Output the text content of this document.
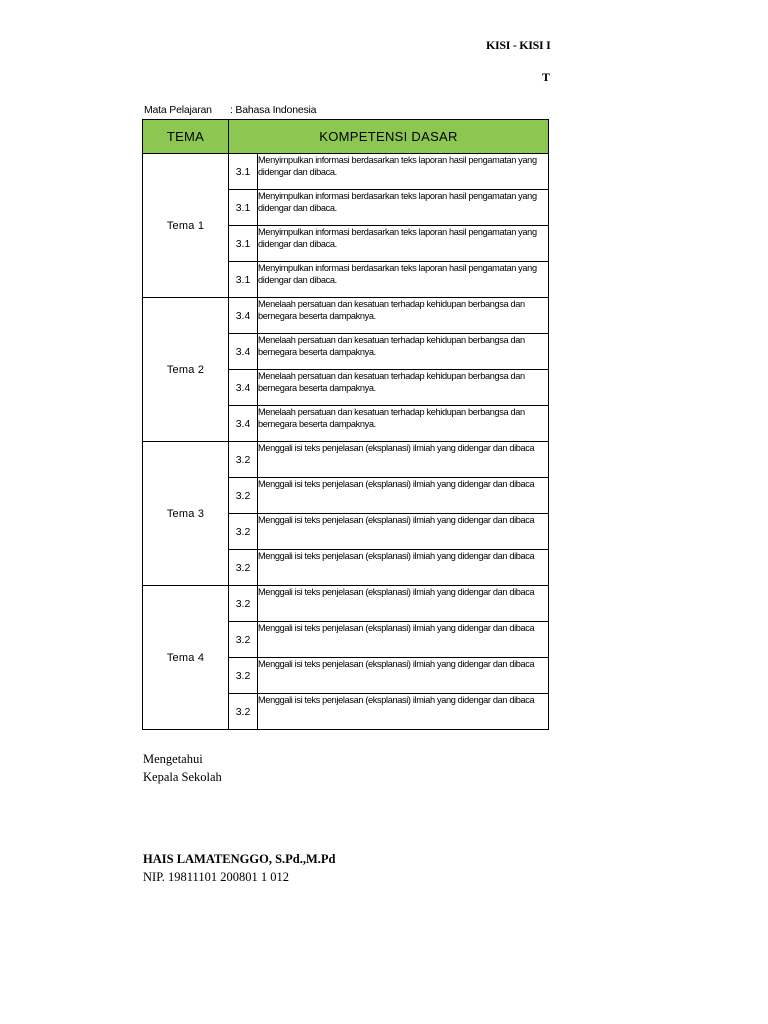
KISI - KISI I
T
Mata Pelajaran : Bahasa Indonesia
TEMA	KOMPETENSI DASAR	
Tema 1	3.1	Menyimpulkan informasi berdasarkan teks laporan hasil pengamatan yang didengar dan dibaca.
	3.1	Menyimpulkan informasi berdasarkan teks laporan hasil pengamatan yang didengar dan dibaca.
	3.1	Menyimpulkan informasi berdasarkan teks laporan hasil pengamatan yang didengar dan dibaca.
	3.1	Menyimpulkan informasi berdasarkan teks laporan hasil pengamatan yang didengar dan dibaca.
Tema 2	3.4	Menelaah persatuan dan kesatuan terhadap kehidupan berbangsa dan bernegara beserta dampaknya.
	3.4	Menelaah persatuan dan kesatuan terhadap kehidupan berbangsa dan bernegara beserta dampaknya.
	3.4	Menelaah persatuan dan kesatuan terhadap kehidupan berbangsa dan bernegara beserta dampaknya.
	3.4	Menelaah persatuan dan kesatuan terhadap kehidupan berbangsa dan bernegara beserta dampaknya.
Tema 3	3.2	Menggali isi teks penjelasan (eksplanasi) ilmiah yang didengar dan dibaca
	3.2	Menggali isi teks penjelasan (eksplanasi) ilmiah yang didengar dan dibaca
	3.2	Menggali isi teks penjelasan (eksplanasi) ilmiah yang didengar dan dibaca
	3.2	Menggali isi teks penjelasan (eksplanasi) ilmiah yang didengar dan dibaca
Tema 4	3.2	Menggali isi teks penjelasan (eksplanasi) ilmiah yang didengar dan dibaca
	3.2	Menggali isi teks penjelasan (eksplanasi) ilmiah yang didengar dan dibaca
	3.2	Menggali isi teks penjelasan (eksplanasi) ilmiah yang didengar dan dibaca
	3.2	Menggali isi teks penjelasan (eksplanasi) ilmiah yang didengar dan dibaca
Mengetahui
Kepala Sekolah
HAIS LAMATENGGO, S.Pd.,M.Pd
NIP. 19811101 200801 1 012
